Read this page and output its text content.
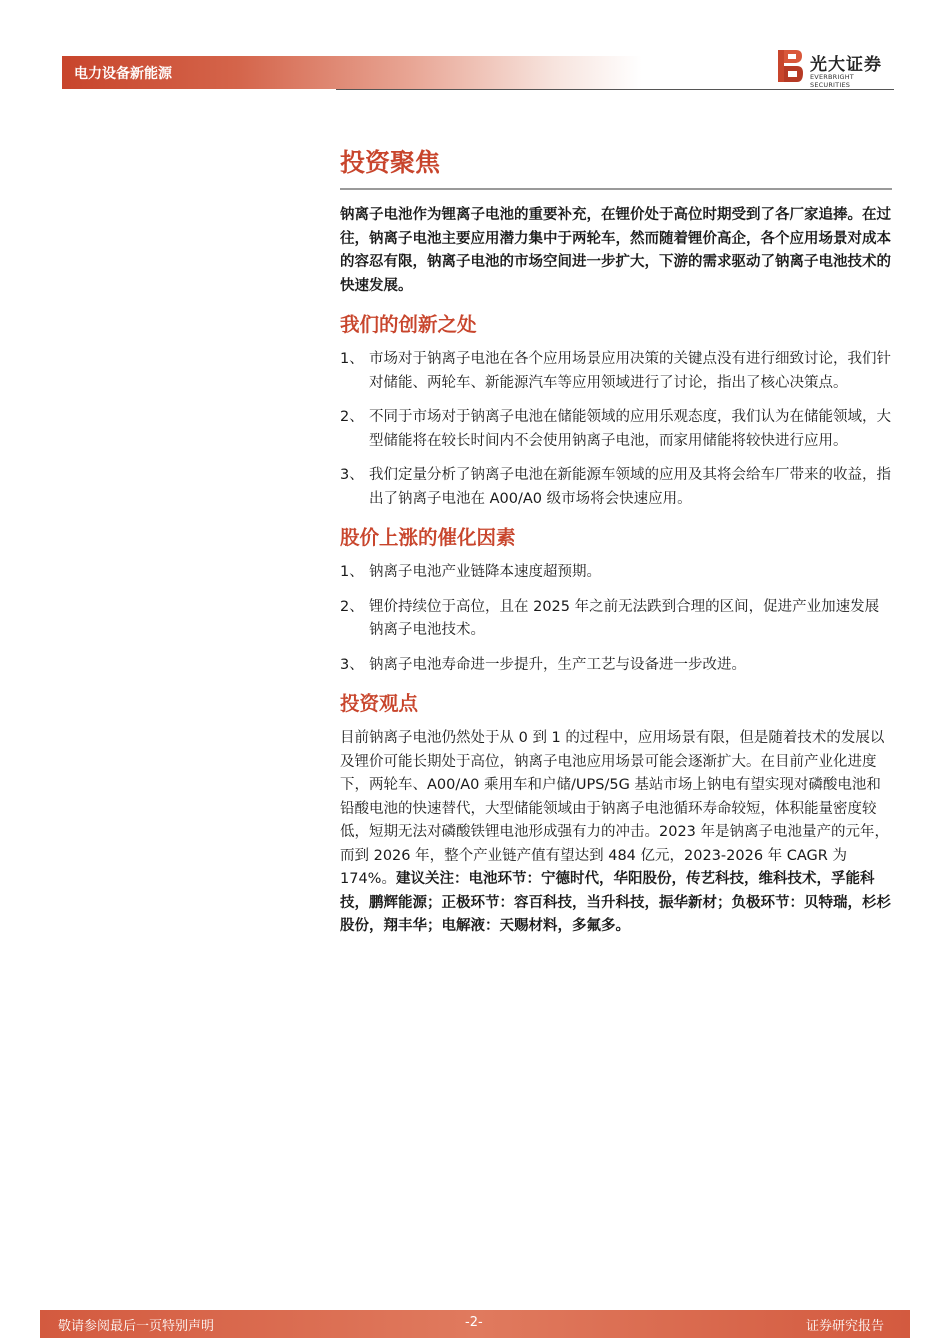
电力设备新能源	光大证券
EVERBRIGHT SECURITIES
投资聚焦

钠离子电池作为锂离子电池的重要补充，在锂价处于高位时期受到了各厂家追捧。在过往，钠离子电池主要应用潜力集中于两轮车，然而随着锂价高企，各个应用场景对成本的容忍有限，钠离子电池的市场空间进一步扩大，下游的需求驱动了钠离子电池技术的快速发展。

我们的创新之处
1、 市场对于钠离子电池在各个应用场景应用决策的关键点没有进行细致讨论，我们针对储能、两轮车、新能源汽车等应用领域进行了讨论，指出了核心决策点。
2、 不同于市场对于钠离子电池在储能领域的应用乐观态度，我们认为在储能领域，大型储能将在较长时间内不会使用钠离子电池，而家用储能将较快进行应用。
3、 我们定量分析了钠离子电池在新能源车领域的应用及其将会给车厂带来的收益，指出了钠离子电池在 A00/A0 级市场将会快速应用。
股价上涨的催化因素
1、 钠离子电池产业链降本速度超预期。
2、 锂价持续位于高位，且在 2025 年之前无法跌到合理的区间，促进产业加速发展钠离子电池技术。
3、 钠离子电池寿命进一步提升，生产工艺与设备进一步改进。
投资观点

目前钠离子电池仍然处于从 0 到 1 的过程中，应用场景有限，但是随着技术的发展以及锂价可能长期处于高位，钠离子电池应用场景可能会逐渐扩大。在目前产业化进度下，两轮车、A00/A0 乘用车和户储/UPS/5G 基站市场上钠电有望实现对磷酸电池和铅酸电池的快速替代，大型储能领域由于钠离子电池循环寿命较短，体积能量密度较低，短期无法对磷酸铁锂电池形成强有力的冲击。2023 年是钠离子电池量产的元年，而到 2026 年，整个产业链产值有望达到 484 亿元，2023-2026 年 CAGR 为 174%。建议关注：电池环节：宁德时代，华阳股份，传艺科技，维科技术，孚能科技，鹏辉能源；正极环节：容百科技，当升科技，振华新材；负极环节：贝特瑞，杉杉股份，翔丰华；电解液：天赐材料，多氟多。

敬请参阅最后一页特别声明	-2-	证券研究报告
